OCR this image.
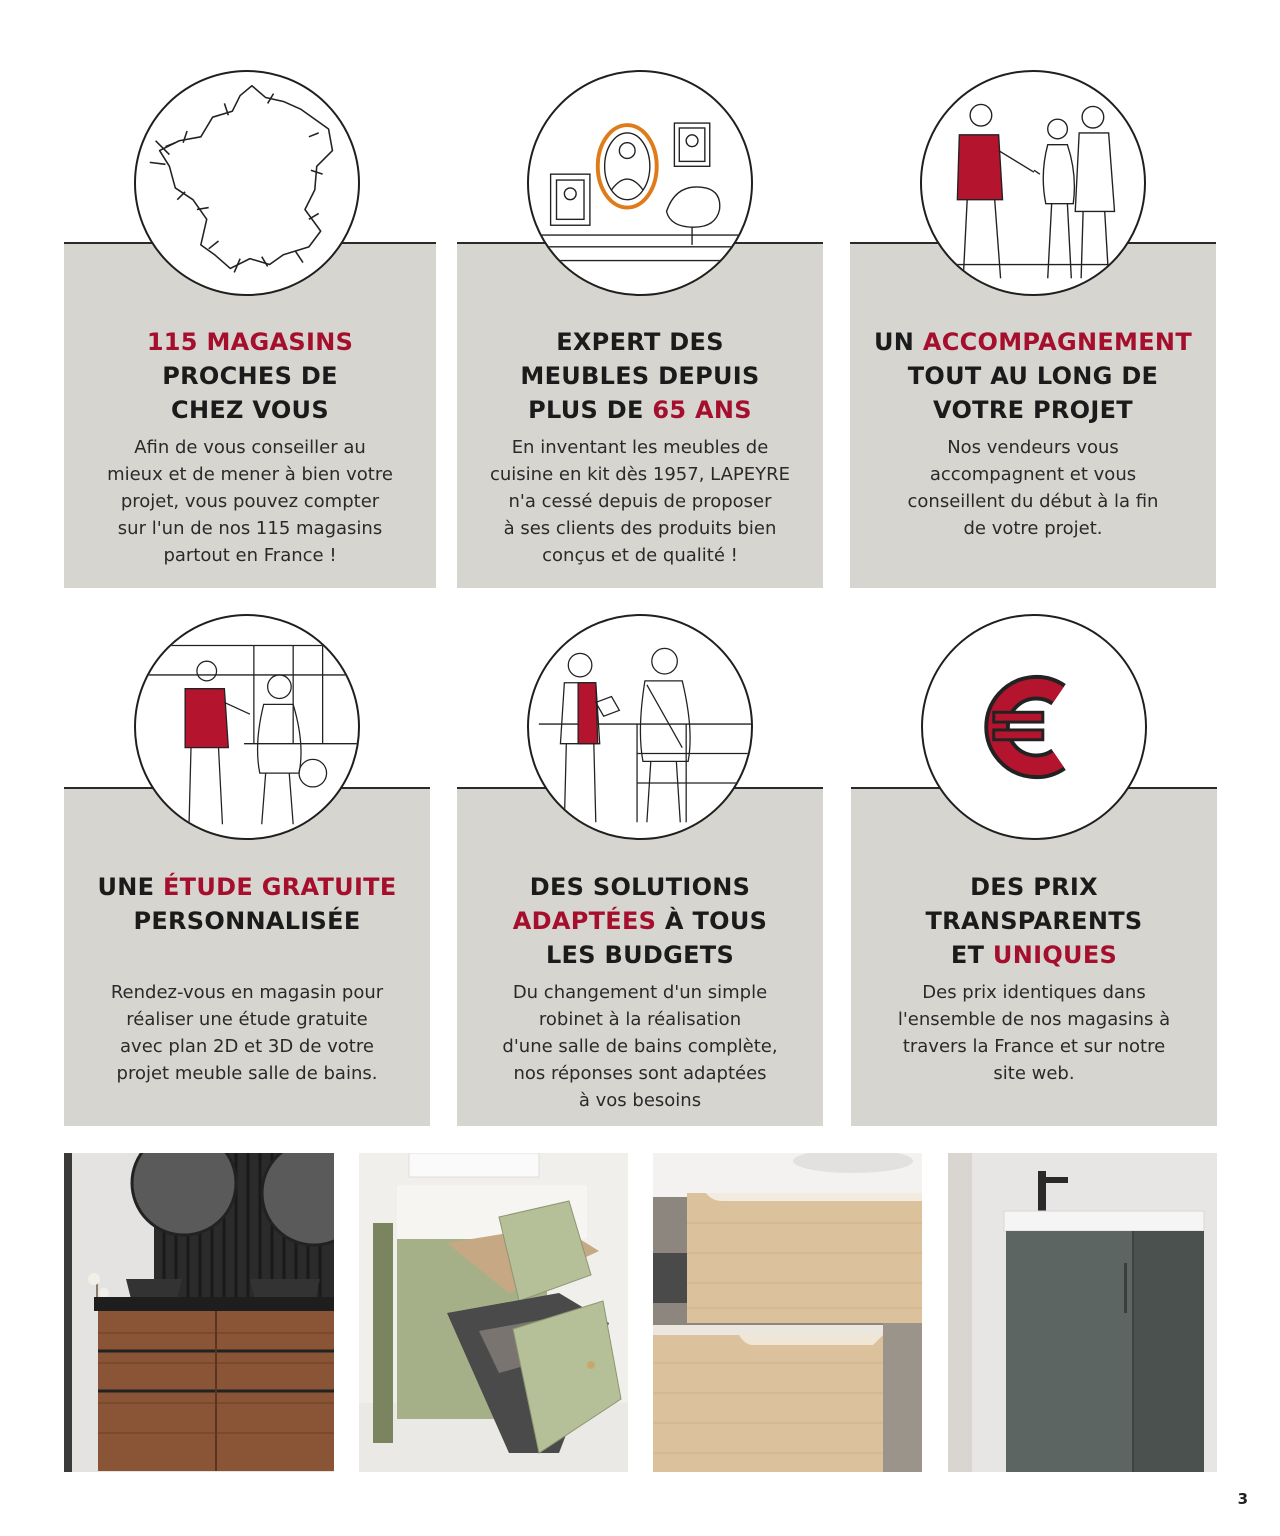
115 MAGASINS
PROCHES DE
CHEZ VOUS
Afin de vous conseiller au
mieux et de mener à bien votre
projet, vous pouvez compter
sur l'un de nos 115 magasins
partout en France !
EXPERT DES
MEUBLES DEPUIS
PLUS DE 65 ANS
En inventant les meubles de
cuisine en kit dès 1957, LAPEYRE
n'a cessé depuis de proposer
à ses clients des produits bien
conçus et de qualité !
UN ACCOMPAGNEMENT
TOUT AU LONG DE
VOTRE PROJET
Nos vendeurs vous
accompagnent et vous
conseillent du début à la fin
de votre projet.
UNE ÉTUDE GRATUITE
PERSONNALISÉE
Rendez-vous en magasin pour
réaliser une étude gratuite
avec plan 2D et 3D de votre
projet meuble salle de bains.
DES SOLUTIONS
ADAPTÉES À TOUS
LES BUDGETS
Du changement d'un simple
robinet à la réalisation
d'une salle de bains complète,
nos réponses sont adaptées
à vos besoins
DES PRIX
TRANSPARENTS
ET UNIQUES
Des prix identiques dans
l'ensemble de nos magasins à
travers la France et sur notre
site web.
3
